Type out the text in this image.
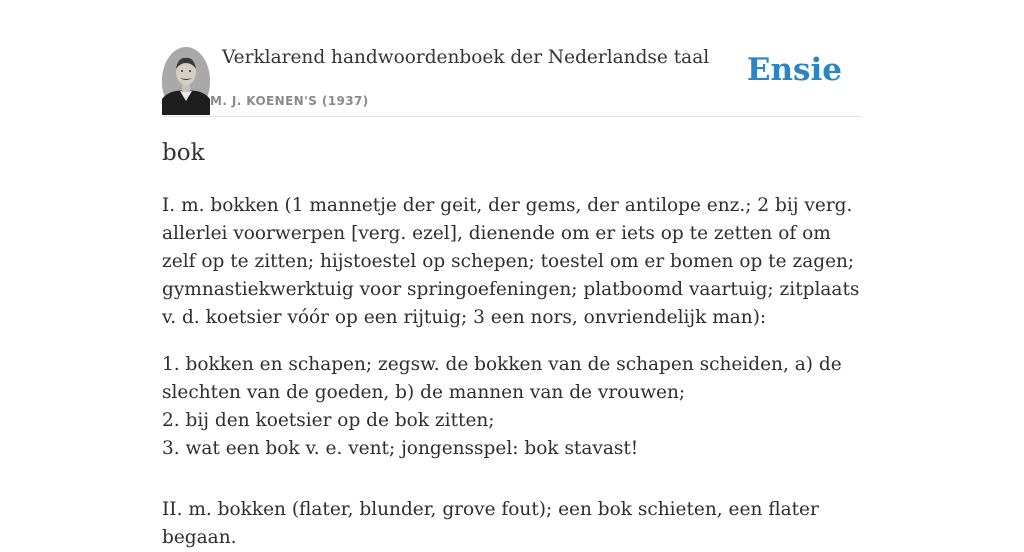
Verklarend handwoordenboek der Nederlandse taal
M. J. KOENEN'S (1937)
Ensie
bok

I. m. bokken (1 mannetje der geit, der gems, der antilope enz.; 2 bij verg. allerlei voorwerpen [verg. ezel], dienende om er iets op te zetten of om zelf op te zitten; hijstoestel op schepen; toestel om er bomen op te zagen; gymnastiekwerktuig voor springoefeningen; platboomd vaartuig; zitplaats v. d. koetsier vóór op een rijtuig; 3 een nors, onvriendelijk man):

1. bokken en schapen; zegsw. de bokken van de schapen scheiden, a) de slechten van de goeden, b) de mannen van de vrouwen;
2. bij den koetsier op de bok zitten;
3. wat een bok v. e. vent; jongensspel: bok stavast!

II. m. bokken (flater, blunder, grove fout); een bok schieten, een flater begaan.
